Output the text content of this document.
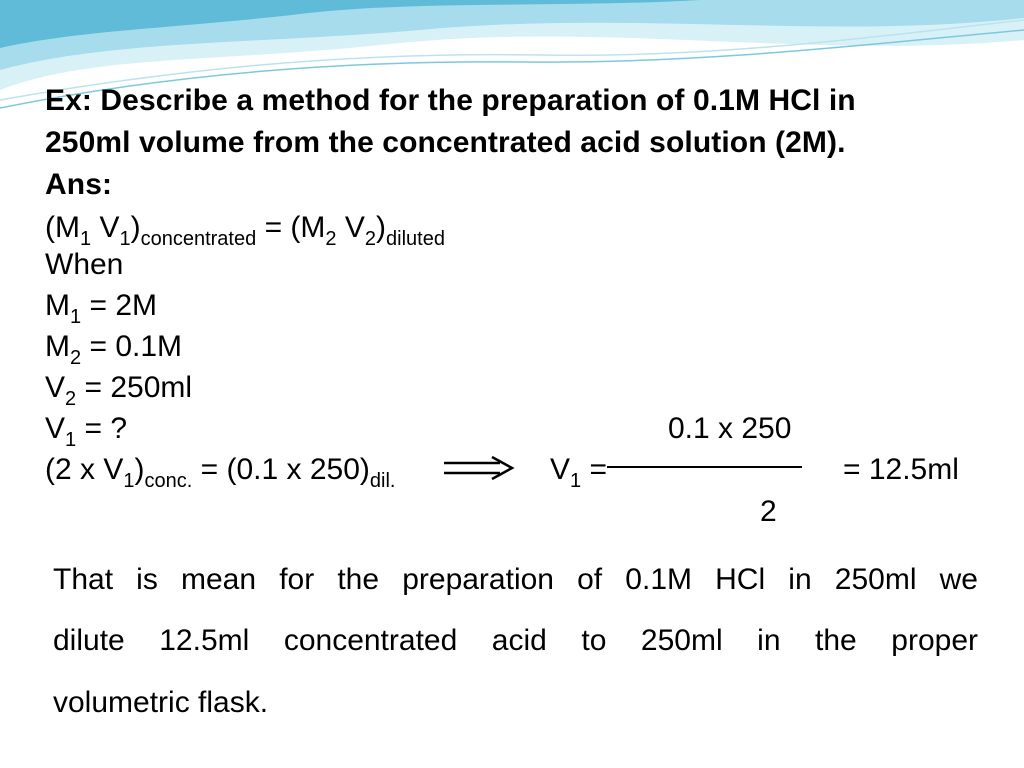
Ex: Describe a method for the preparation of 0.1M HCl in
250ml volume from the concentrated acid solution (2M).
Ans:
($M_1$ $V_1)_{concentrated} = (M_2$ $V_2)_{diluted}$
When
$M_1 = 2M$
$M_2 = 0.1M$
$V_2 = 250ml$
$V_1$ = ?
(2 x $V_1)_{conc.} = (0.1$ x $250)_{dil.}$	$V_1$ =
0.1 x 250
2
= 12.5ml
That is mean for the preparation of 0.1M HCl in 250ml we
dilute 12.5ml concentrated acid to 250ml in the proper
volumetric flask.
